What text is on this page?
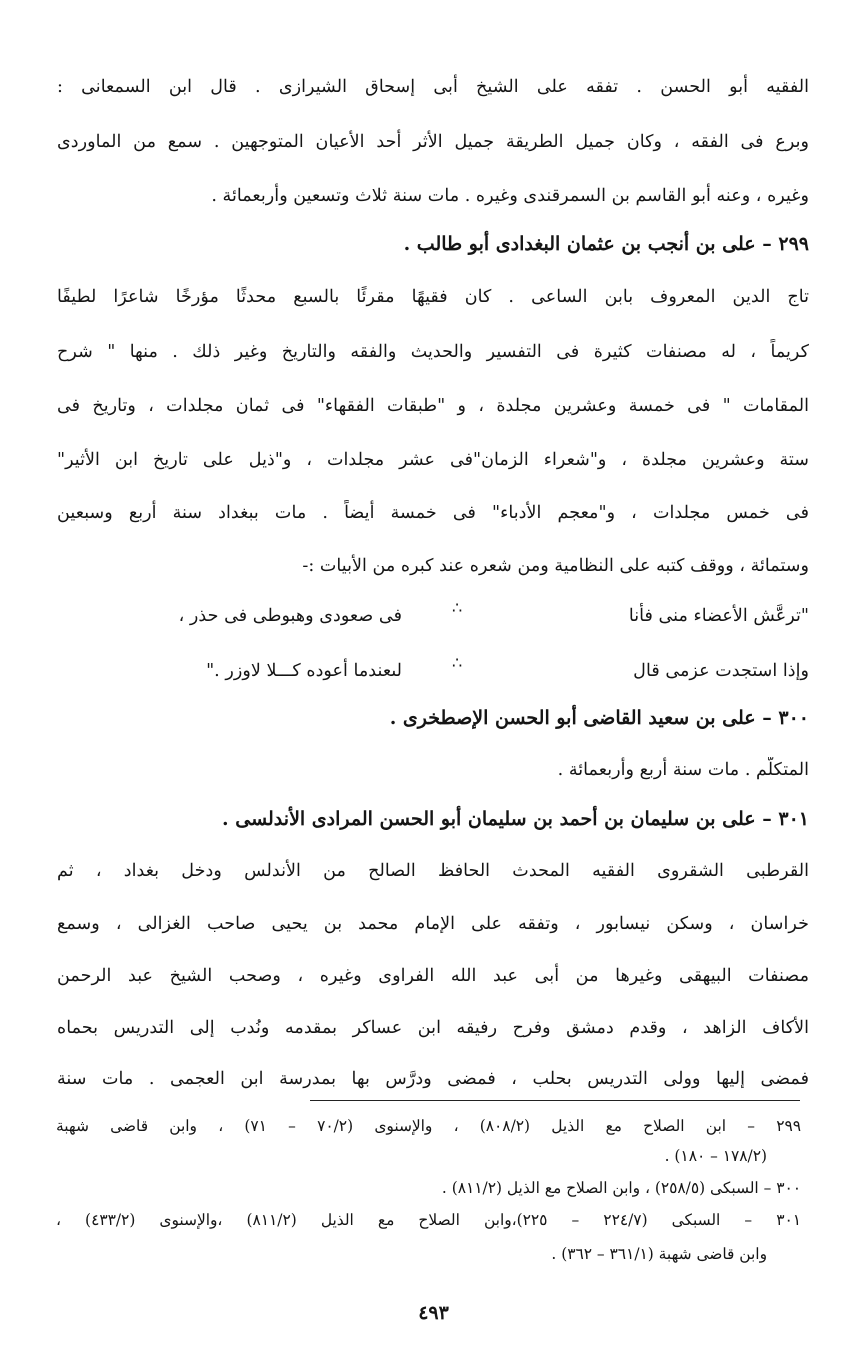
الفقيه أبو الحسن . تفقه على الشيخ أبى إسحاق الشيرازى . قال ابن السمعانى :
وبرع فى الفقه ، وكان جميل الطريقة جميل الأثر أحد الأعيان المتوجهين . سمع من الماوردى
وغيره ، وعنه أبو القاسم بن السمرقندى وغيره . مات سنة ثلاث وتسعين وأربعمائة .
٢٩٩ – على بن أنجب بن عثمان البغدادى أبو طالب .
تاج الدين المعروف بابن الساعى . كان فقيهًا مقرئًا بالسبع محدثًا مؤرخًا شاعرًا لطيفًا
كريماً ، له مصنفات كثيرة فى التفسير والحديث والفقه والتاريخ وغير ذلك . منها " شرح
المقامات " فى خمسة وعشرين مجلدة ، و "طبقات الفقهاء" فى ثمان مجلدات ، وتاريخ فى
ستة وعشرين مجلدة ، و"شعراء الزمان"فى عشر مجلدات ، و"ذيل على تاريخ ابن الأثير"
فى خمس مجلدات ، و"معجم الأدباء" فى خمسة أيضاً . مات ببغداد سنة أربع وسبعين
وستمائة ، ووقف كتبه على النظامية ومن شعره عند كبره من الأبيات :-
"ترعَّش الأعضاء منى فأنا
∴
فى صعودى وهبوطى فى حذر ،
وإذا استجدت عزمى قال
∴
لىعندما أعوده كـــلا لاوزر ."
٣٠٠ – على بن سعيد القاضى أبو الحسن الإصطخرى .
المتكلّم . مات سنة أربع وأربعمائة .
٣٠١ – على بن سليمان بن أحمد بن سليمان أبو الحسن المرادى الأندلسى .
القرطبى الشقروى الفقيه المحدث الحافظ الصالح من الأندلس ودخل بغداد ، ثم
خراسان ، وسكن نيسابور ، وتفقه على الإمام محمد بن يحيى صاحب الغزالى ، وسمع
مصنفات البيهقى وغيرها من أبى عبد الله الفراوى وغيره ، وصحب الشيخ عبد الرحمن
الأكاف الزاهد ، وقدم دمشق وفرح رفيقه ابن عساكر بمقدمه ونُدب إلى التدريس بحماه
فمضى إليها وولى التدريس بحلب ، فمضى ودرَّس بها بمدرسة ابن العجمى . مات سنة
٢٩٩ – ابن الصلاح مع الذيل (٨٠٨/٢) ، والإسنوى (٧٠/٢ – ٧١) ، وابن قاضى شهبة
(١٧٨/٢ – ١٨٠) .
٣٠٠ – السبكى (٢٥٨/٥) ، وابن الصلاح مع الذيل (٨١١/٢) .
٣٠١ – السبكى (٢٢٤/٧ – ٢٢٥)،وابن الصلاح مع الذيل (٨١١/٢) ،والإسنوى (٤٣٣/٢) ،
وابن قاضى شهبة (٣٦١/١ – ٣٦٢) .
٤٩٣
